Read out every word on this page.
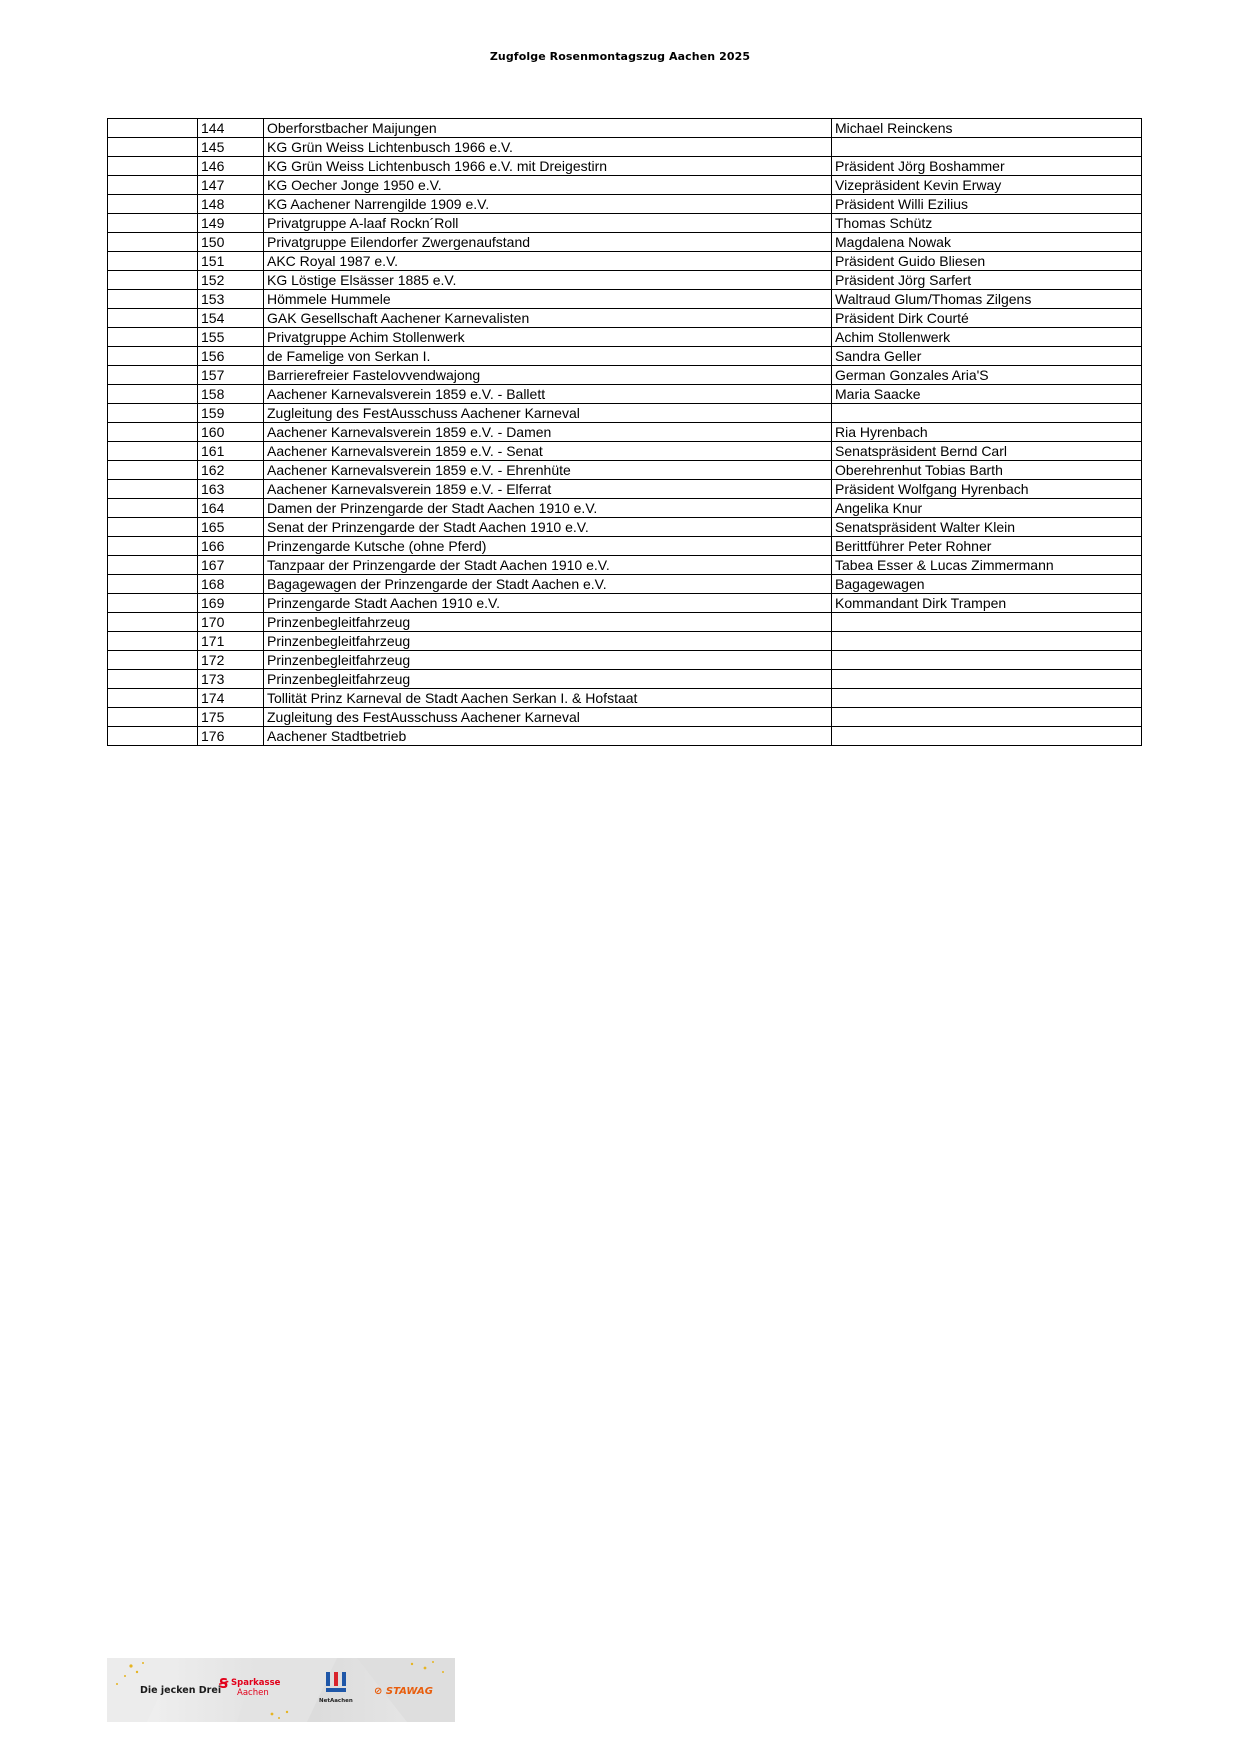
Zugfolge Rosenmontagszug Aachen 2025
	144	Oberforstbacher Maijungen	Michael Reinckens
	145	KG Grün Weiss Lichtenbusch 1966 e.V.	
	146	KG Grün Weiss Lichtenbusch 1966 e.V. mit Dreigestirn	Präsident Jörg Boshammer
	147	KG Oecher Jonge 1950 e.V.	Vizepräsident Kevin Erway
	148	KG Aachener Narrengilde 1909 e.V.	Präsident Willi Ezilius
	149	Privatgruppe A-laaf Rockn´Roll	Thomas Schütz
	150	Privatgruppe Eilendorfer Zwergenaufstand	Magdalena Nowak
	151	AKC Royal 1987 e.V.	Präsident Guido Bliesen
	152	KG Löstige Elsässer 1885 e.V.	Präsident Jörg Sarfert
	153	Hömmele Hummele	Waltraud Glum/Thomas Zilgens
	154	GAK Gesellschaft Aachener Karnevalisten	Präsident Dirk Courté
	155	Privatgruppe Achim Stollenwerk	Achim Stollenwerk
	156	de Famelige von Serkan I.	Sandra Geller
	157	Barrierefreier Fastelovvendwajong	German Gonzales Aria'S
	158	Aachener Karnevalsverein 1859 e.V. - Ballett	Maria Saacke
	159	Zugleitung des FestAusschuss Aachener Karneval	
	160	Aachener Karnevalsverein 1859 e.V. - Damen	Ria Hyrenbach
	161	Aachener Karnevalsverein 1859 e.V. - Senat	Senatspräsident Bernd Carl
	162	Aachener Karnevalsverein 1859 e.V. - Ehrenhüte	Oberehrenhut Tobias Barth
	163	Aachener Karnevalsverein 1859 e.V. - Elferrat	Präsident Wolfgang Hyrenbach
	164	Damen der Prinzengarde der Stadt Aachen 1910 e.V.	Angelika Knur
	165	Senat der Prinzengarde der Stadt Aachen 1910 e.V.	Senatspräsident Walter Klein
	166	Prinzengarde Kutsche (ohne Pferd)	Berittführer Peter Rohner
	167	Tanzpaar der Prinzengarde der Stadt Aachen 1910 e.V.	Tabea Esser & Lucas Zimmermann
	168	Bagagewagen der Prinzengarde der Stadt Aachen e.V.	Bagagewagen
	169	Prinzengarde Stadt Aachen 1910 e.V.	Kommandant Dirk Trampen
	170	Prinzenbegleitfahrzeug	
	171	Prinzenbegleitfahrzeug	
	172	Prinzenbegleitfahrzeug	
	173	Prinzenbegleitfahrzeug	
	174	Tollität Prinz Karneval de Stadt Aachen Serkan I. & Hofstaat	
	175	Zugleitung des FestAusschuss Aachener Karneval	
	176	Aachener Stadtbetrieb	
Die jecken Drei
Ꞩ Sparkasse
Aachen
NetAachen
⊘ STAWAG
